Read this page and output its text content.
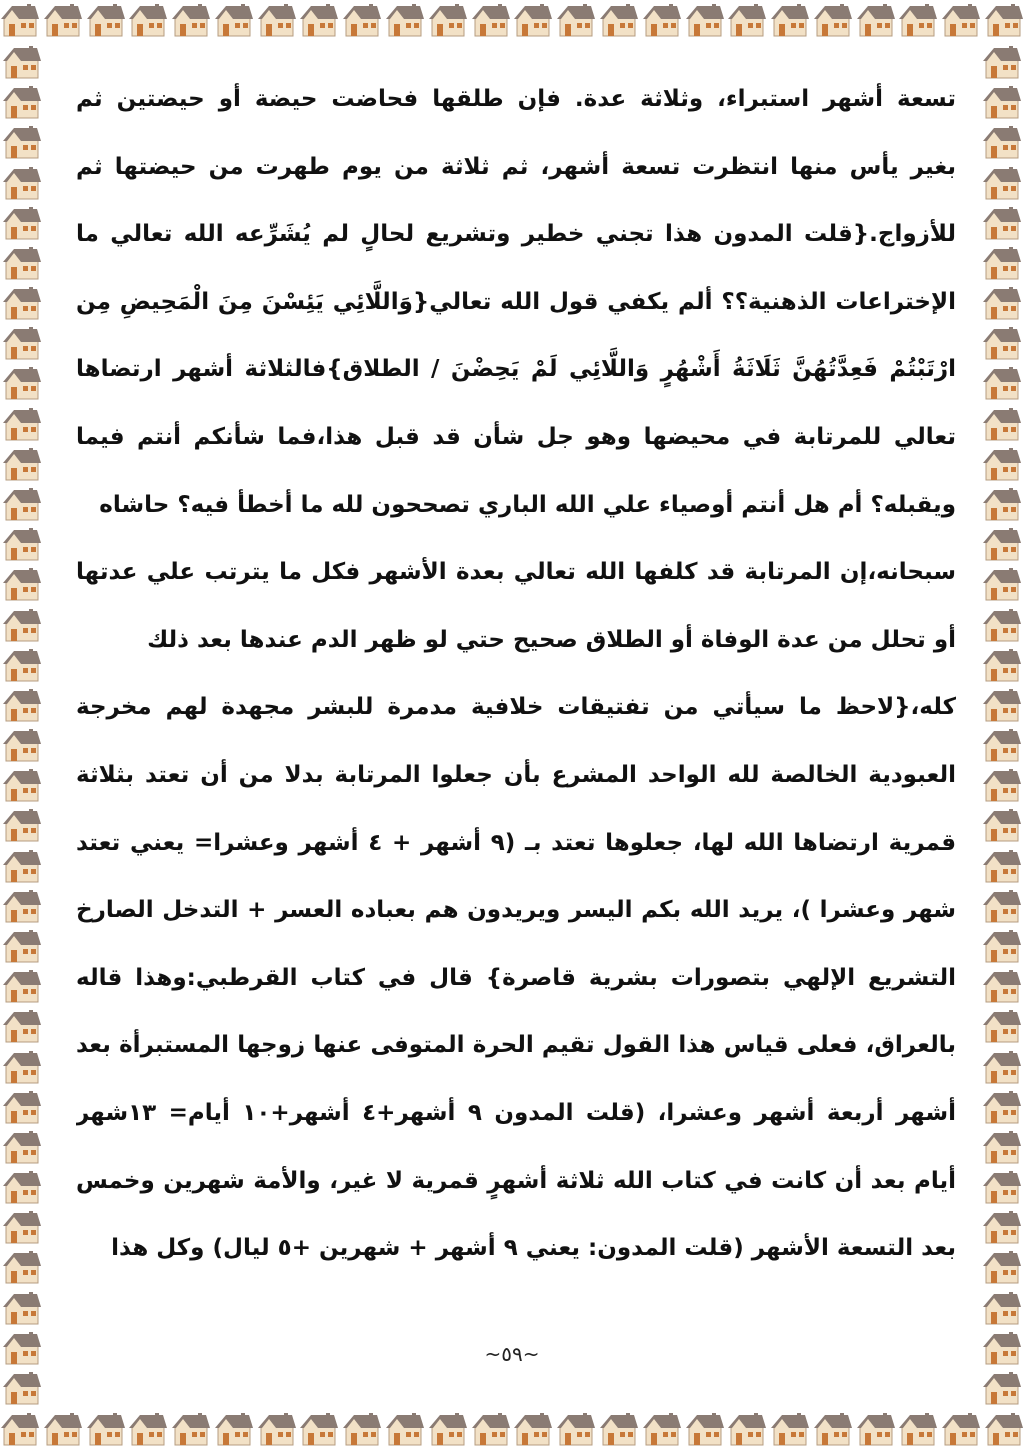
تسعة أشهر استبراء، وثلاثة عدة. فإن طلقها فحاضت حيضة أو حيضتين ثم
بغير يأس منها انتظرت تسعة أشهر، ثم ثلاثة من يوم طهرت من حيضتها ثم
للأزواج.{قلت المدون هذا تجني خطير وتشريع لحالٍ لم يُشَرِّعه الله تعالي ما
الإختراعات الذهنية؟؟ ألم يكفي قول الله تعالي{وَاللَّائِي يَئِسْنَ مِنَ الْمَحِيضِ مِن
ارْتَبْتُمْ فَعِدَّتُهُنَّ ثَلَاثَةُ أَشْهُرٍ وَاللَّائِي لَمْ يَحِضْنَ / الطلاق}فالثلاثة أشهر ارتضاها
تعالي للمرتابة في محيضها وهو جل شأن قد قبل هذا،فما شأنكم أنتم فيما
ويقبله؟ أم هل أنتم أوصياء علي الله الباري تصححون لله ما أخطأ فيه؟ حاشاه
سبحانه،إن المرتابة قد كلفها الله تعالي بعدة الأشهر فكل ما يترتب علي عدتها
أو تحلل من عدة الوفاة أو الطلاق صحيح حتي لو ظهر الدم عندها بعد ذلك
كله،{لاحظ ما سيأتي من تفتيقات خلافية مدمرة للبشر مجهدة لهم مخرجة
العبودية الخالصة لله الواحد المشرع بأن جعلوا المرتابة بدلا من أن تعتد بثلاثة
قمرية ارتضاها الله لها، جعلوها تعتد بـ (٩ أشهر + ٤ أشهر وعشرا= يعني تعتد
شهر وعشرا )، يريد الله بكم اليسر ويريدون هم بعباده العسر + التدخل الصارخ
التشريع الإلهي بتصورات بشرية قاصرة} قال في كتاب القرطبي:وهذا قاله
بالعراق، فعلى قياس هذا القول تقيم الحرة المتوفى عنها زوجها المستبرأة بعد
أشهر أربعة أشهر وعشرا، (قلت المدون ٩ أشهر+٤ أشهر+١٠ أيام= ١٣شهر
أيام بعد أن كانت في كتاب الله ثلاثة أشهرٍ قمرية لا غير، والأمة شهرين وخمس
بعد التسعة الأشهر (قلت المدون: يعني ٩ أشهر + شهرين +٥ ليال) وكل هذا
~٥٩~
